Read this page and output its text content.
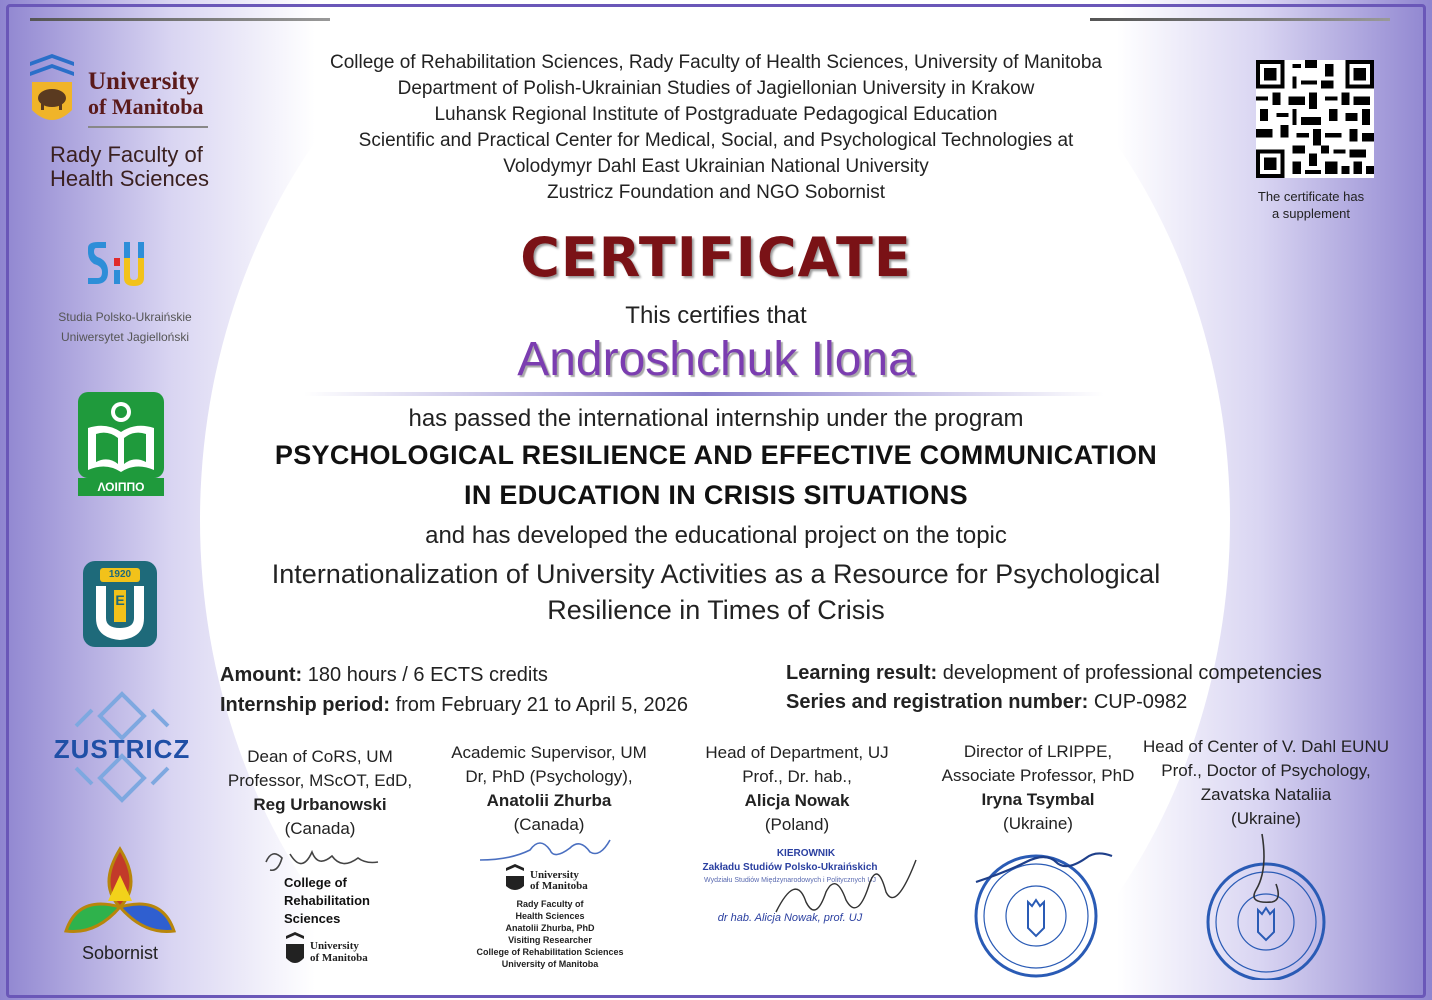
College of Rehabilitation Sciences, Rady Faculty of Health Sciences, University of Manitoba
Department of Polish-Ukrainian Studies of Jagiellonian University in Krakow
Luhansk Regional Institute of Postgraduate Pedagogical Education
Scientific and Practical Center for Medical, Social, and Psychological Technologies at
Volodymyr Dahl East Ukrainian National University
Zustricz Foundation and NGO Sobornist
University
of Manitoba
Rady Faculty of
Health Sciences
Studia Polsko-Ukraińskie
Uniwersytet Jagielloński
ΛΟΙΠΠΟ
1920
E
ZUSTRICZ
Sobornist
The certificate has
a supplement
CERTIFICATE
This certifies that
Androshchuk Ilona
has passed the international internship under the program
PSYCHOLOGICAL RESILIENCE AND EFFECTIVE COMMUNICATION
IN EDUCATION IN CRISIS SITUATIONS
and has developed the educational project on the topic
Internationalization of University Activities as a Resource for Psychological
Resilience in Times of Crisis
Amount: 180 hours / 6 ECTS credits
Internship period: from February 21 to April 5, 2026
Learning result: development of professional competencies
Series and registration number: CUP-0982
Dean of CoRS, UM
Professor, MScOT, EdD,
Reg Urbanowski
(Canada)
Academic Supervisor, UM
Dr, PhD (Psychology),
Anatolii Zhurba
(Canada)
Head of Department, UJ
Prof., Dr. hab.,
Alicja Nowak
(Poland)
Director of LRIPPE,
Associate Professor, PhD
Iryna Tsymbal
(Ukraine)
Head of Center of V. Dahl EUNU
Prof., Doctor of Psychology,
Zavatska Nataliia
(Ukraine)
College of
Rehabilitation
Sciences
University
of Manitoba
University
of Manitoba
Rady Faculty of
Health Sciences
Anatolii Zhurba, PhD
Visiting Researcher
College of Rehabilitation Sciences
University of Manitoba
KIEROWNIK
Zakładu Studiów Polsko-Ukraińskich
Wydziału Studiów Międzynarodowych i Politycznych UJ
dr hab. Alicja Nowak, prof. UJ
